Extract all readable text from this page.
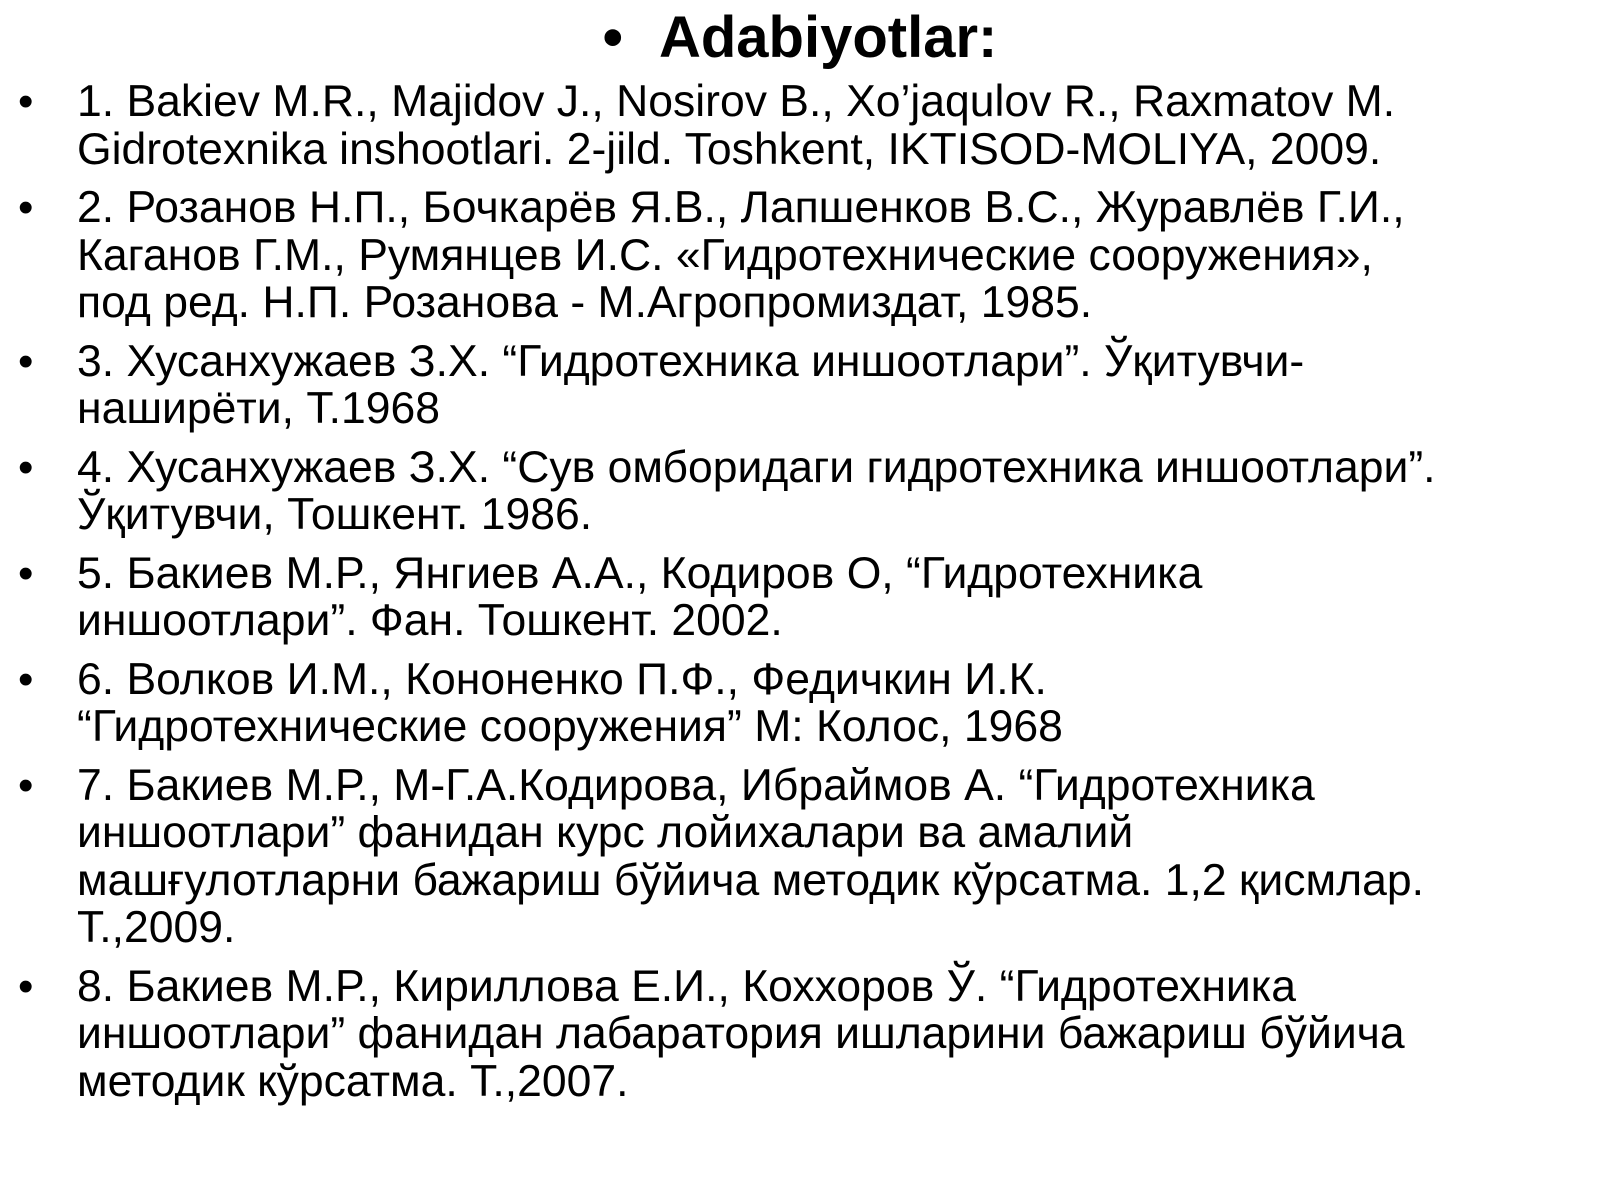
• Adabiyotlar:
• 1. Bakiev M.R., Majidov J., Nosirov B., Xo’jaqulov R., Raxmatov M.
Gidrotexnika inshootlari. 2-jild. Toshkent, IKTISOD-MOLIYA, 2009.
• 2. Розанов Н.П., Бочкарёв Я.В., Лапшенков В.С., Журавлёв Г.И.,
Каганов Г.М., Румянцев И.С. «Гидротехнические сооружения»,
под ред. Н.П. Розанова - М.Агропромиздат, 1985.
• 3. Хусанхужаев З.Х. “Гидротехника иншоотлари”. Ўқитувчи-
наширёти, Т.1968
• 4. Хусанхужаев З.Х. “Сув омборидаги гидротехника иншоотлари”.
Ўқитувчи, Тошкент. 1986.
• 5. Бакиев М.Р., Янгиев А.А., Кодиров О, “Гидротехника
иншоотлари”. Фан. Тошкент. 2002.
• 6. Волков И.М., Кононенко П.Ф., Федичкин И.К.
“Гидротехнические сооружения” М: Колос, 1968
• 7. Бакиев М.Р., М-Г.А.Кодирова, Ибраймов А. “Гидротехника
иншоотлари” фанидан курс лойихалари ва амалий
машғулотларни бажариш бўйича методик кўрсатма. 1,2 қисмлар.
Т.,2009.
• 8. Бакиев М.Р., Кириллова Е.И., Коххоров Ў. “Гидротехника
иншоотлари” фанидан лабаратория ишларини бажариш бўйича
методик кўрсатма. Т.,2007.
